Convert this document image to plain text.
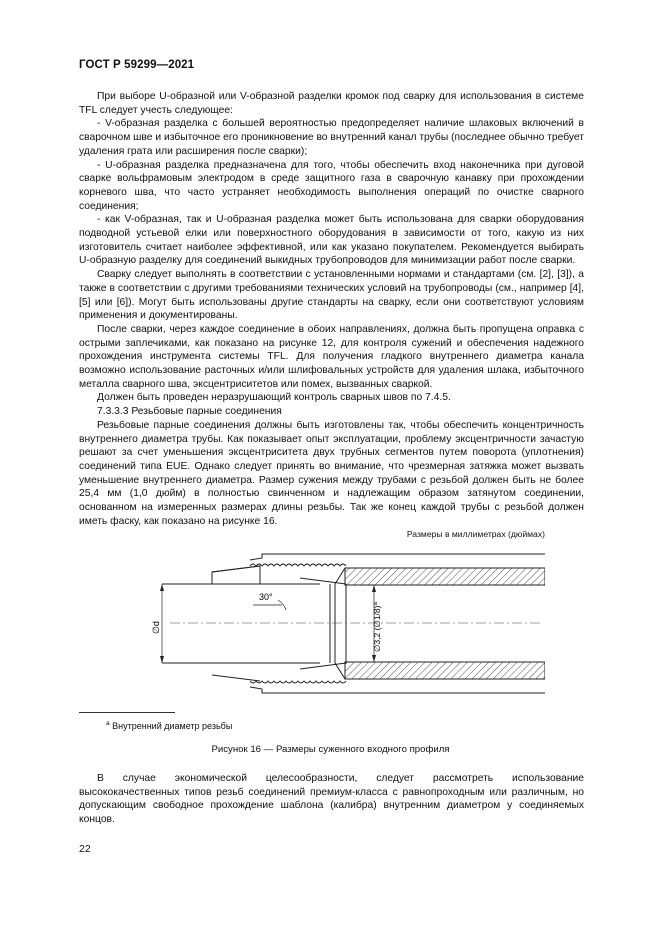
ГОСТ Р 59299—2021

При выборе U-образной или V-образной разделки кромок под сварку для использования в системе TFL следует учесть следующее:

- V-образная разделка с большей вероятностью предопределяет наличие шлаковых включений в сварочном шве и избыточное его проникновение во внутренний канал трубы (последнее обычно требует удаления грата или расширения после сварки);

- U-образная разделка предназначена для того, чтобы обеспечить вход наконечника при дуговой сварке вольфрамовым электродом в среде защитного газа в сварочную канавку при прохождении корневого шва, что часто устраняет необходимость выполнения операций по очистке сварного соединения;

- как V-образная, так и U-образная разделка может быть использована для сварки оборудования подводной устьевой елки или поверхностного оборудования в зависимости от того, какую из них изготовитель считает наиболее эффективной, или как указано покупателем. Рекомендуется выбирать U-образную разделку для соединений выкидных трубопроводов для минимизации работ после сварки.

Сварку следует выполнять в соответствии с установленными нормами и стандартами (см. [2], [3]), а также в соответствии с другими требованиями технических условий на трубопроводы (см., например [4], [5] или [6]). Могут быть использованы другие стандарты на сварку, если они соответствуют условиям применения и документированы.

После сварки, через каждое соединение в обоих направлениях, должна быть пропущена оправка с острыми заплечиками, как показано на рисунке 12, для контроля сужений и обеспечения надежного прохождения инструмента системы TFL. Для получения гладкого внутреннего диаметра канала возможно использование расточных и/или шлифовальных устройств для удаления шлака, избыточного металла сварного шва, эксцентриситетов или помех, вызванных сваркой.

Должен быть проведен неразрушающий контроль сварных швов по 7.4.5.

7.3.3.3 Резьбовые парные соединения

Резьбовые парные соединения должны быть изготовлены так, чтобы обеспечить концентричность внутреннего диаметра трубы. Как показывает опыт эксплуатации, проблему эксцентричности зачастую решают за счет уменьшения эксцентриситета двух трубных сегментов путем поворота (уплотнения) соединений типа EUE. Однако следует принять во внимание, что чрезмерная затяжка может вызвать уменьшение внутреннего диаметра. Размер сужения между трубами с резьбой должен быть не более 25,4 мм (1,0 дюйм) в полностью свинченном и надлежащим образом затянутом соединении, основанном на измеренных размерах длины резьбы. Так же конец каждой трубы с резьбой должен иметь фаску, как показано на рисунке 16.

Размеры в миллиметрах (дюймах)
∅d
30°
∅3,2 (∅1/8)$^a$
$^a$ Внутренний диаметр резьбы
Рисунок 16 — Размеры суженного входного профиля

В случае экономической целесообразности, следует рассмотреть использование высококачественных типов резьб соединений премиум-класса с равнопроходным или различным, но допускающим свободное прохождение шаблона (калибра) внутренним диаметром у соединяемых концов.

22
